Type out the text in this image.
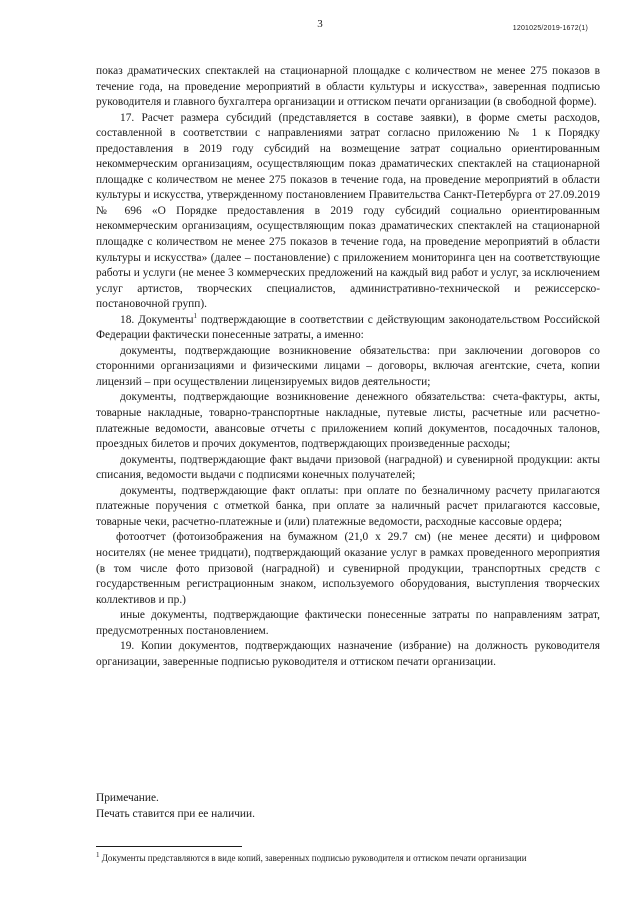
3	1201025/2019-1672(1)

показ драматических спектаклей на стационарной площадке с количеством не менее 275 показов в течение года, на проведение мероприятий в области культуры и искусства», заверенная подписью руководителя и главного бухгалтера организации и оттиском печати организации (в свободной форме).

17. Расчет размера субсидий (представляется в составе заявки), в форме сметы расходов, составленной в соответствии с направлениями затрат согласно приложению № 1 к Порядку предоставления в 2019 году субсидий на возмещение затрат социально ориентированным некоммерческим организациям, осуществляющим показ драматических спектаклей на стационарной площадке с количеством не менее 275 показов в течение года, на проведение мероприятий в области культуры и искусства, утвержденному постановлением Правительства Санкт-Петербурга от 27.09.2019 № 696 «О Порядке предоставления в 2019 году субсидий социально ориентированным некоммерческим организациям, осуществляющим показ драматических спектаклей на стационарной площадке с количеством не менее 275 показов в течение года, на проведение мероприятий в области культуры и искусства» (далее – постановление) с приложением мониторинга цен на соответствующие работы и услуги (не менее 3 коммерческих предложений на каждый вид работ и услуг, за исключением услуг артистов, творческих специалистов, административно-технической и режиссерско-постановочной групп).

18. Документы$^1$ подтверждающие в соответствии с действующим законодательством Российской Федерации фактически понесенные затраты, а именно:

документы, подтверждающие возникновение обязательства: при заключении договоров со сторонними организациями и физическими лицами – договоры, включая агентские, счета, копии лицензий – при осуществлении лицензируемых видов деятельности;

документы, подтверждающие возникновение денежного обязательства: счета-фактуры, акты, товарные накладные, товарно-транспортные накладные, путевые листы, расчетные или расчетно-платежные ведомости, авансовые отчеты с приложением копий документов, посадочных талонов, проездных билетов и прочих документов, подтверждающих произведенные расходы;

документы, подтверждающие факт выдачи призовой (наградной) и сувенирной продукции: акты списания, ведомости выдачи с подписями конечных получателей;

документы, подтверждающие факт оплаты: при оплате по безналичному расчету прилагаются платежные поручения с отметкой банка, при оплате за наличный расчет прилагаются кассовые, товарные чеки, расчетно-платежные и (или) платежные ведомости, расходные кассовые ордера;

фотоотчет (фотоизображения на бумажном (21,0 х 29.7 см) (не менее десяти) и цифровом носителях (не менее тридцати), подтверждающий оказание услуг в рамках проведенного мероприятия (в том числе фото призовой (наградной) и сувенирной продукции, транспортных средств с государственным регистрационным знаком, используемого оборудования, выступления творческих коллективов и пр.)

иные документы, подтверждающие фактически понесенные затраты по направлениям затрат, предусмотренных постановлением.

19. Копии документов, подтверждающих назначение (избрание) на должность руководителя организации, заверенные подписью руководителя и оттиском печати организации.

Примечание.

Печать ставится при ее наличии.

$^1$ Документы представляются в виде копий, заверенных подписью руководителя и оттиском печати организации
